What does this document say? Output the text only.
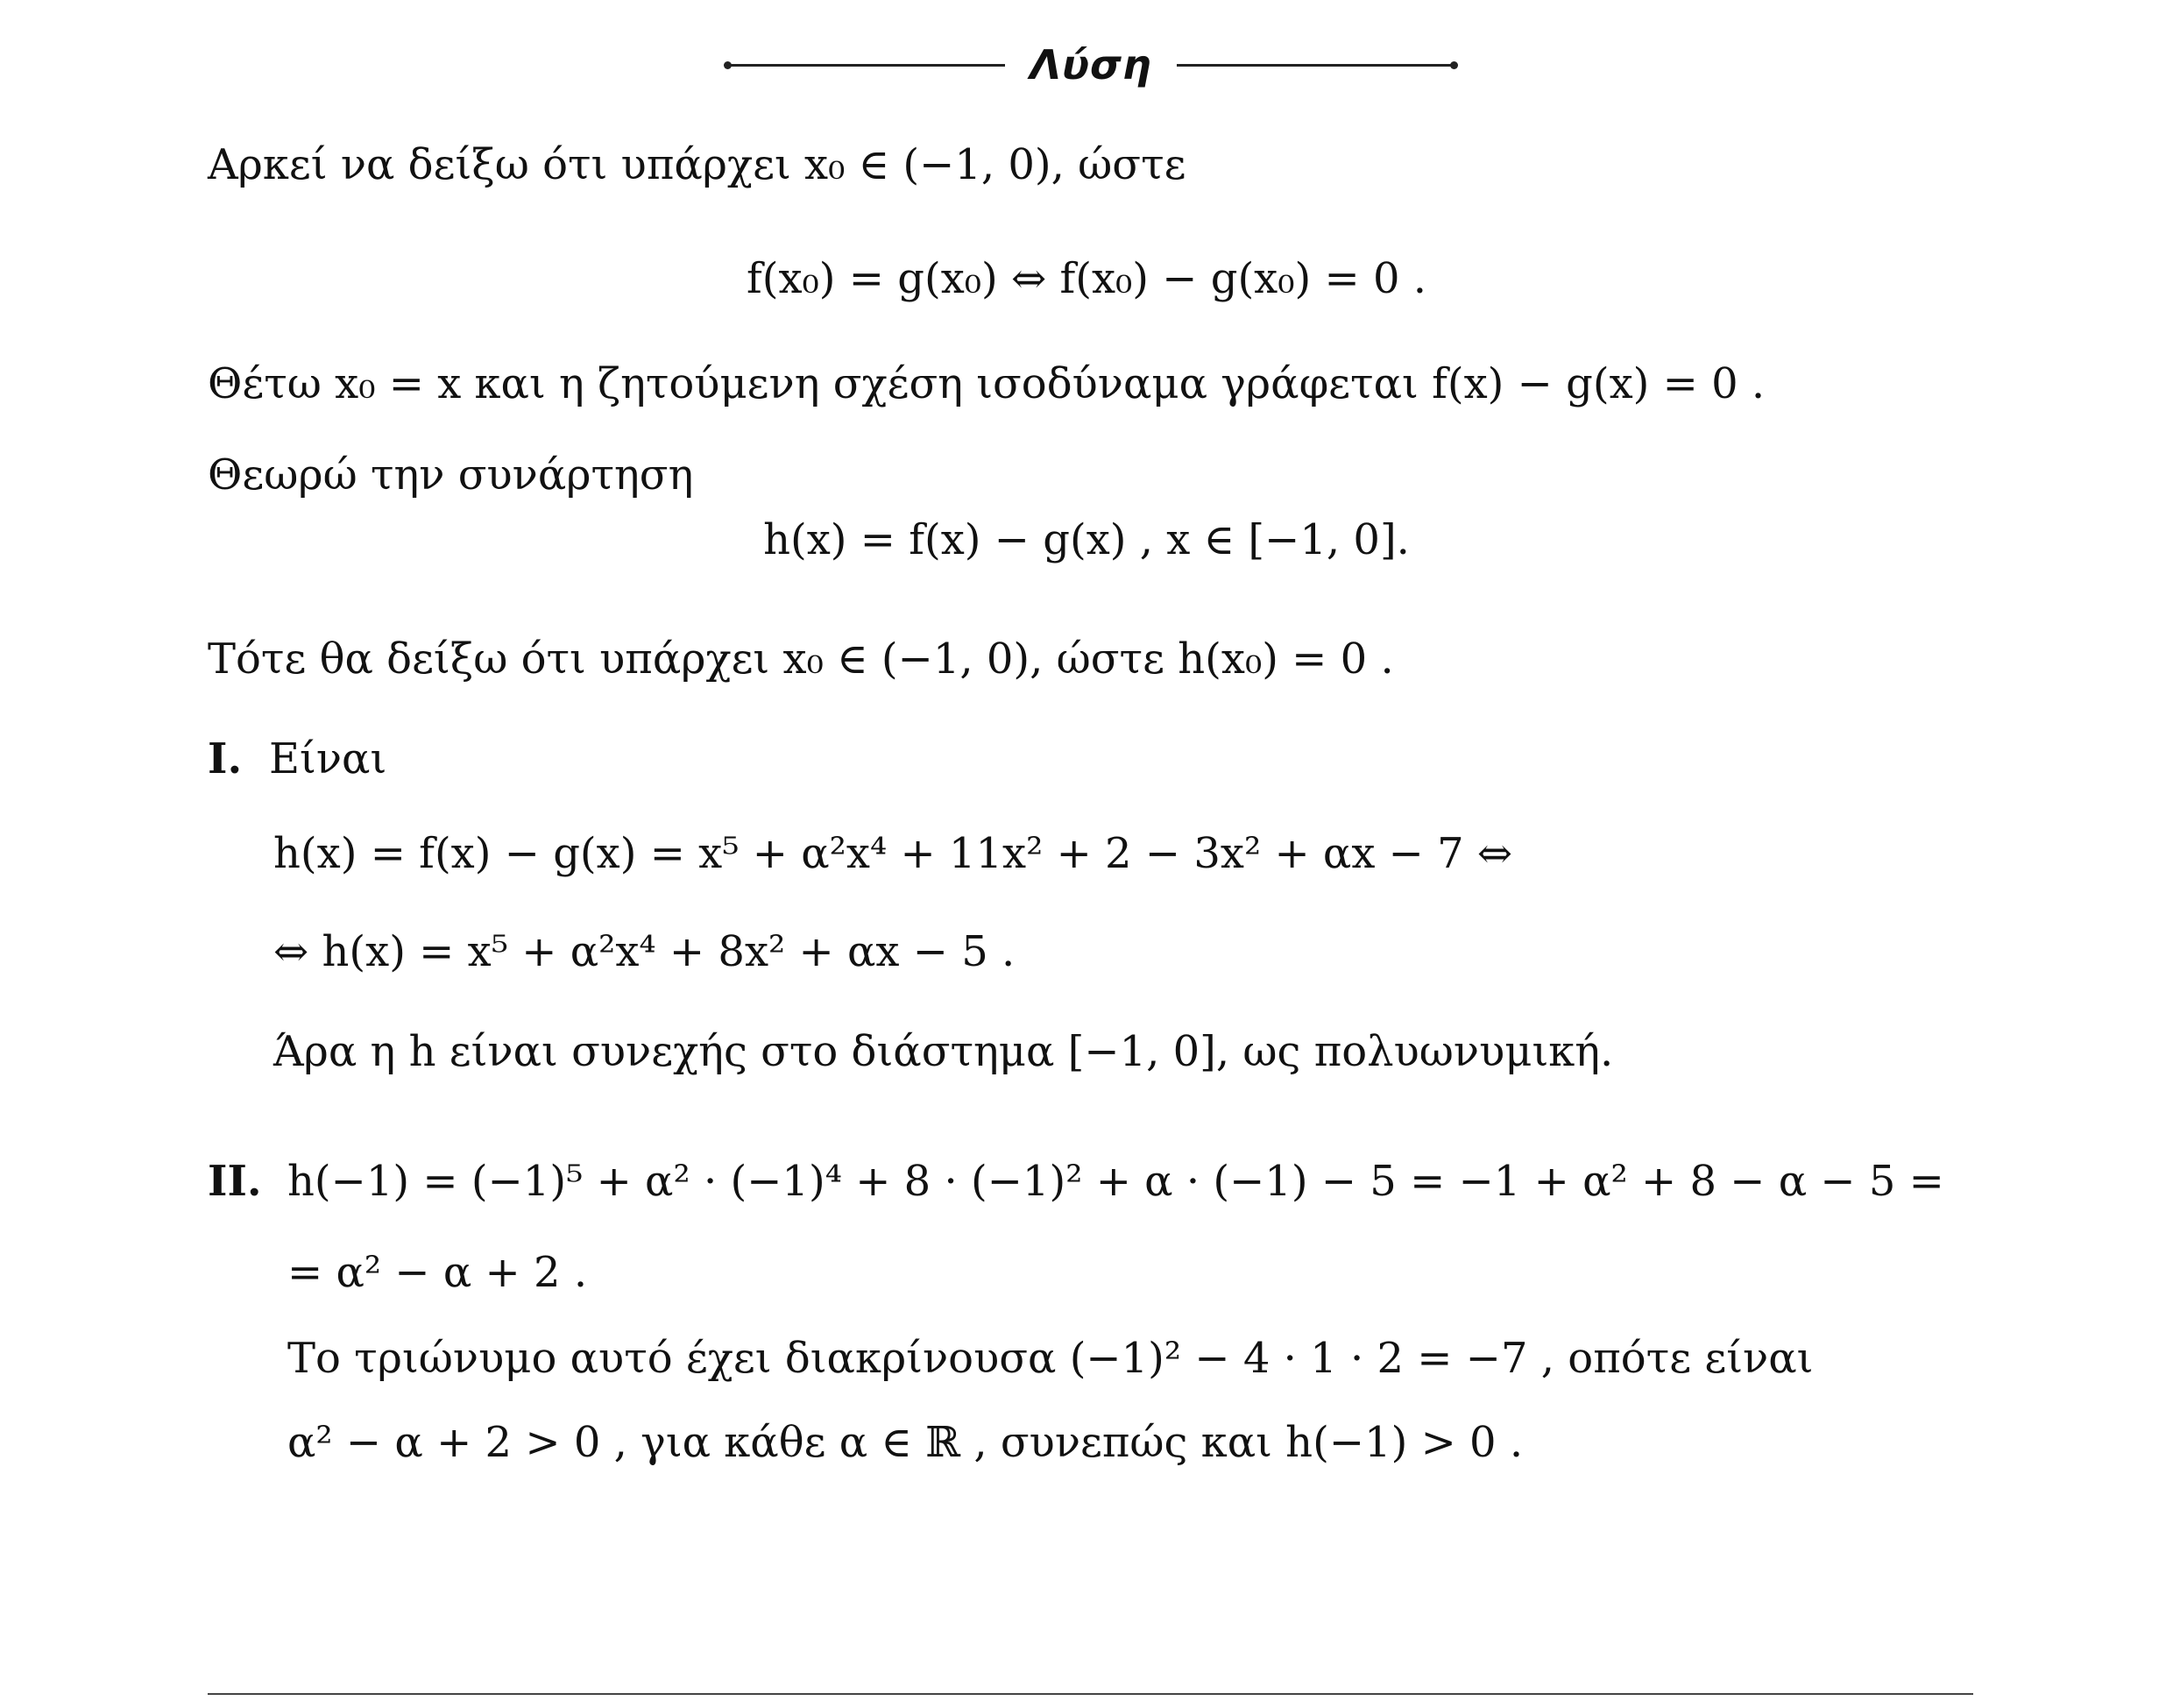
Λύση
Αρκεί να δείξω ότι υπάρχει x₀ ∈ (−1, 0), ώστε
f(x₀) = g(x₀) ⇔ f(x₀) − g(x₀) = 0 .
Θέτω x₀ = x και η ζητούμενη σχέση ισοδύναμα γράφεται f(x) − g(x) = 0 .
Θεωρώ την συνάρτηση
h(x) = f(x) − g(x) , x ∈ [−1, 0].
Τότε θα δείξω ότι υπάρχει x₀ ∈ (−1, 0), ώστε h(x₀) = 0 .
I. Είναι
h(x) = f(x) − g(x) = x⁵ + α²x⁴ + 11x² + 2 − 3x² + αx − 7 ⇔
⇔ h(x) = x⁵ + α²x⁴ + 8x² + αx − 5 .
Άρα η h είναι συνεχής στο διάστημα [−1, 0], ως πολυωνυμική.
II. h(−1) = (−1)⁵ + α² · (−1)⁴ + 8 · (−1)² + α · (−1) − 5 = −1 + α² + 8 − α − 5 =
= α² − α + 2 .
Το τριώνυμο αυτό έχει διακρίνουσα (−1)² − 4 · 1 · 2 = −7 , οπότε είναι
α² − α + 2 > 0 , για κάθε α ∈ ℝ , συνεπώς και h(−1) > 0 .
